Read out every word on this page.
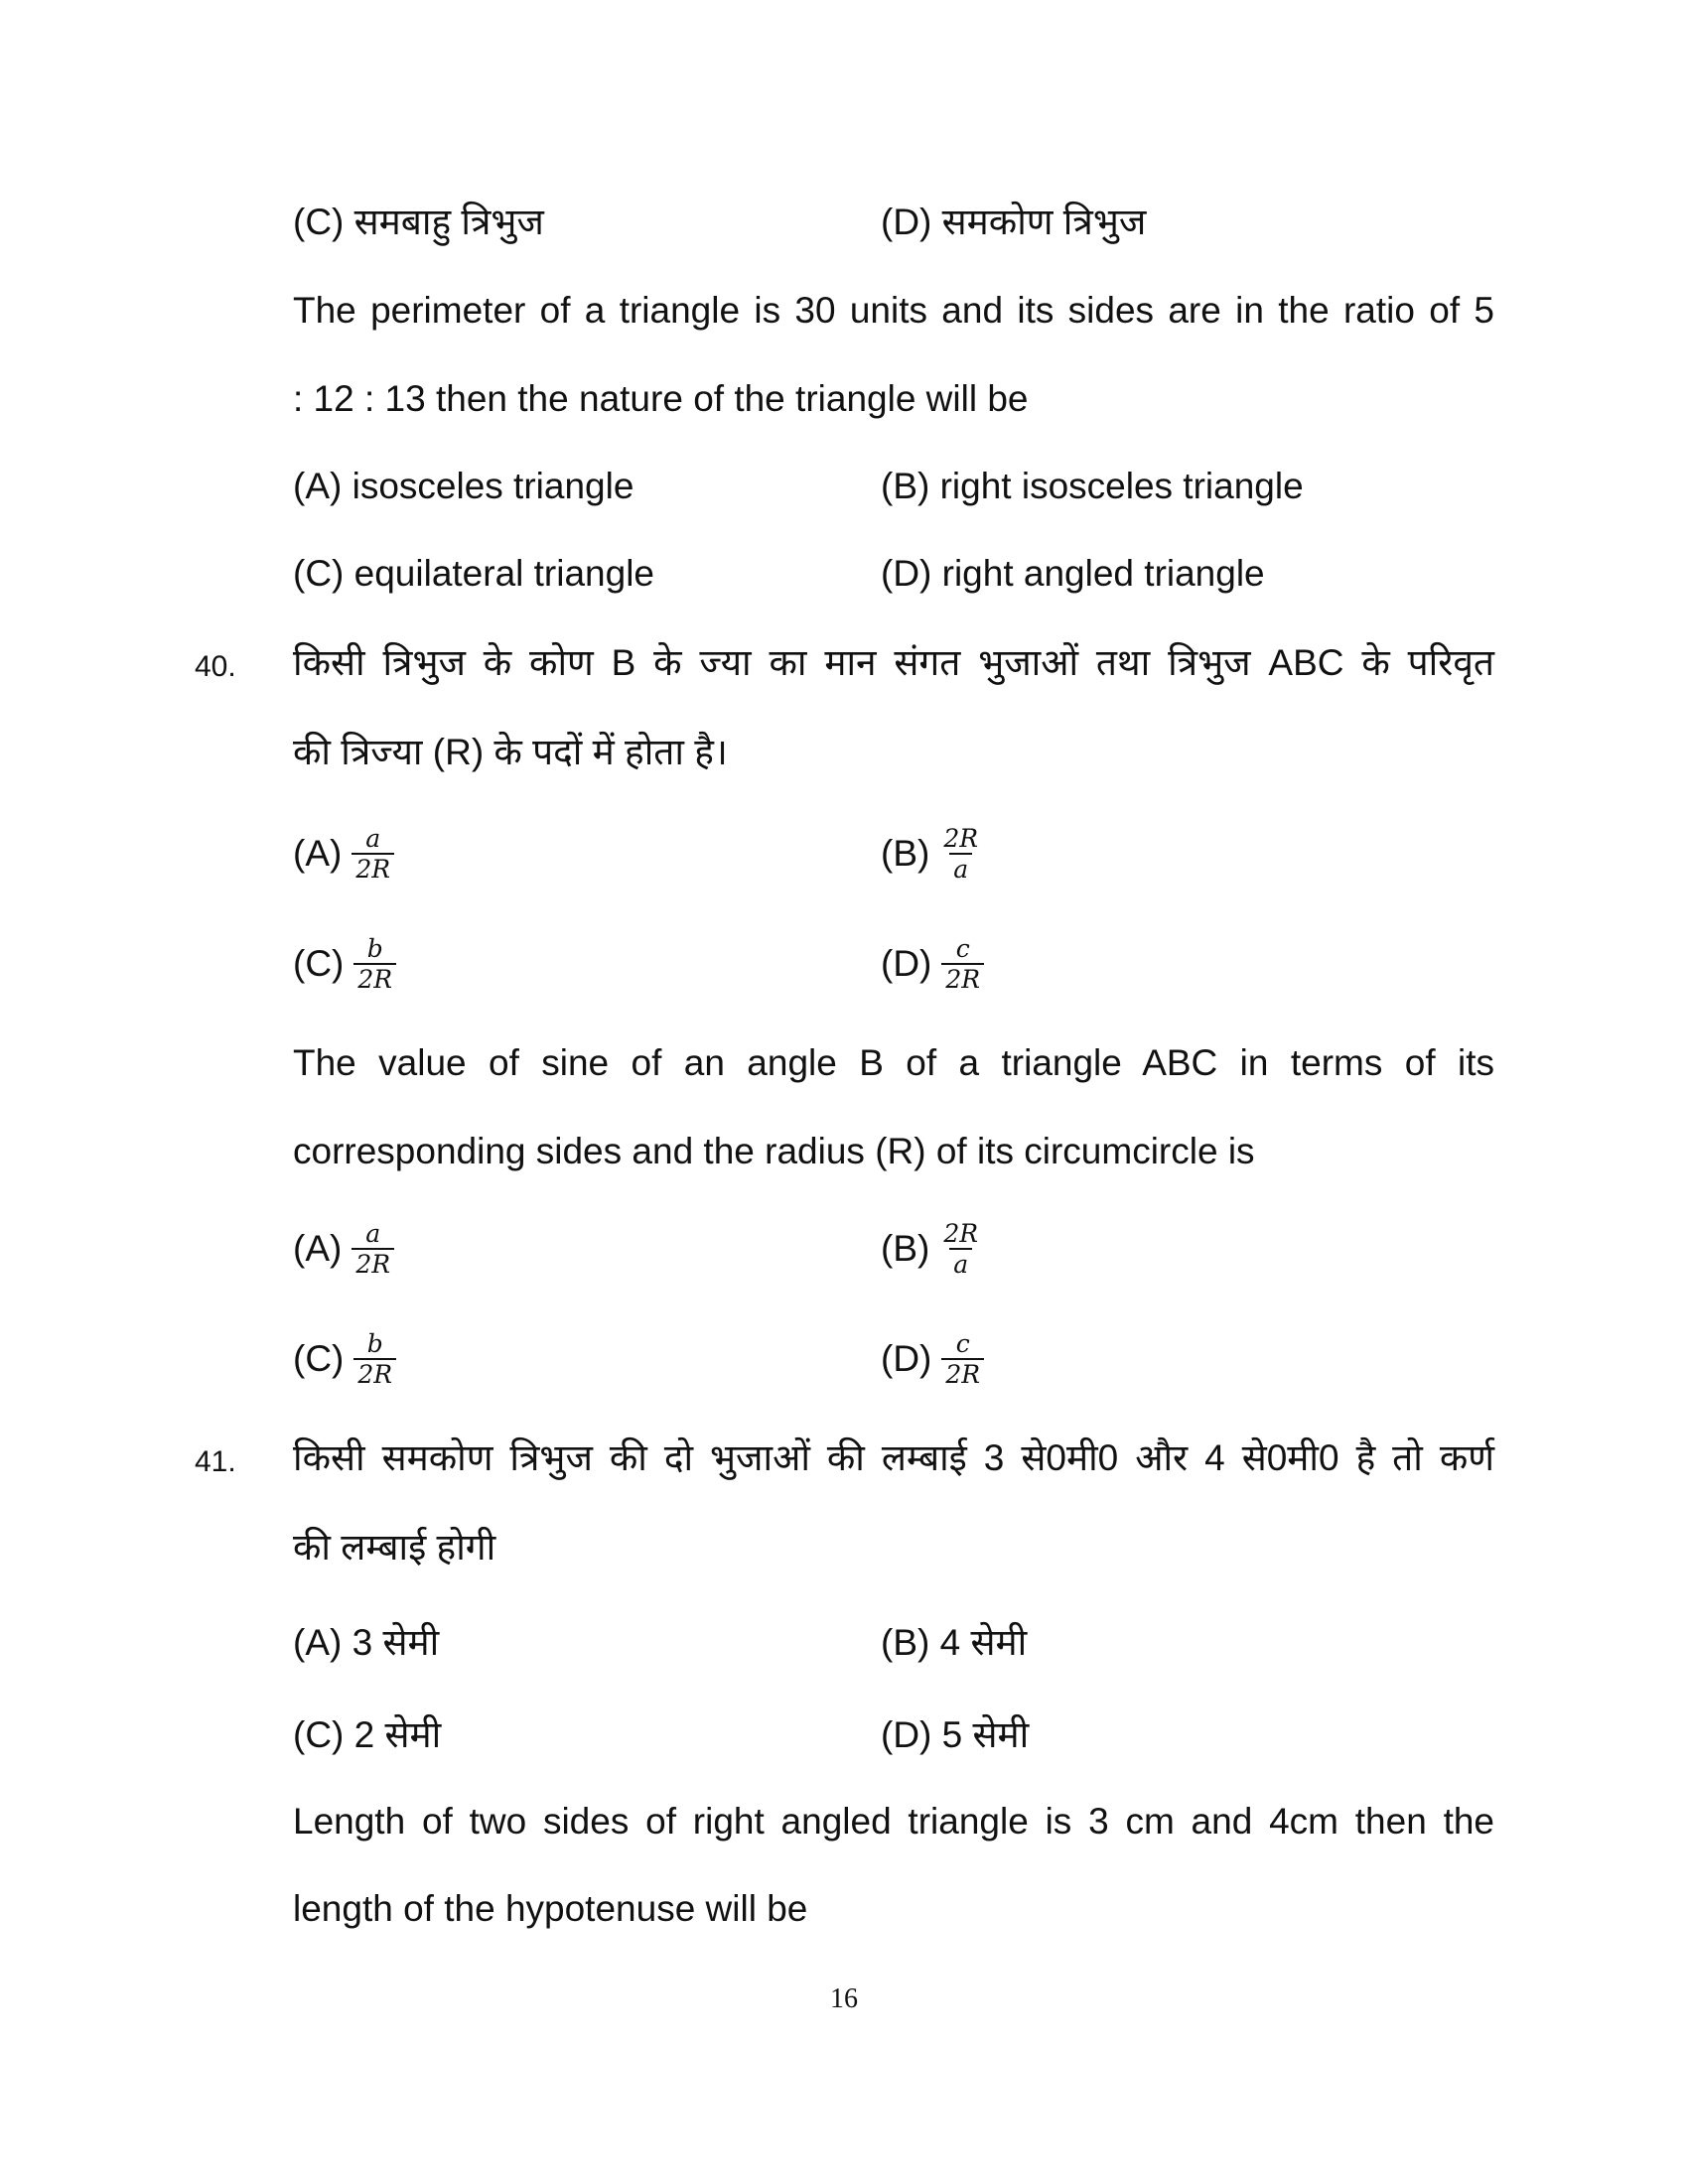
(C) समबाहु त्रिभुज	(D) समकोण त्रिभुज
The perimeter of a triangle is 30 units and its sides are in the ratio of 5
: 12 : 13 then the nature of the triangle will be
(A) isosceles triangle	(B) right isosceles triangle
(C) equilateral triangle	(D) right angled triangle
40. किसी त्रिभुज के कोण B के ज्या का मान संगत भुजाओं तथा त्रिभुज ABC के परिवृत
की त्रिज्या (R) के पदों में होता है।
$(A) \frac{a}{2R}$	$(B) \frac{2R}{a}$
$(C) \frac{b}{2R}$	$(D) \frac{c}{2R}$
The value of sine of an angle B of a triangle ABC in terms of its
corresponding sides and the radius (R) of its circumcircle is
$(A) \frac{a}{2R}$	$(B) \frac{2R}{a}$
$(C) \frac{b}{2R}$	$(D) \frac{c}{2R}$
41. किसी समकोण त्रिभुज की दो भुजाओं की लम्बाई 3 से0मी0 और 4 से0मी0 है तो कर्ण
की लम्बाई होगी
(A) 3 सेमी	(B) 4 सेमी
(C) 2 सेमी	(D) 5 सेमी
Length of two sides of right angled triangle is 3 cm and 4cm then the
length of the hypotenuse will be
16
